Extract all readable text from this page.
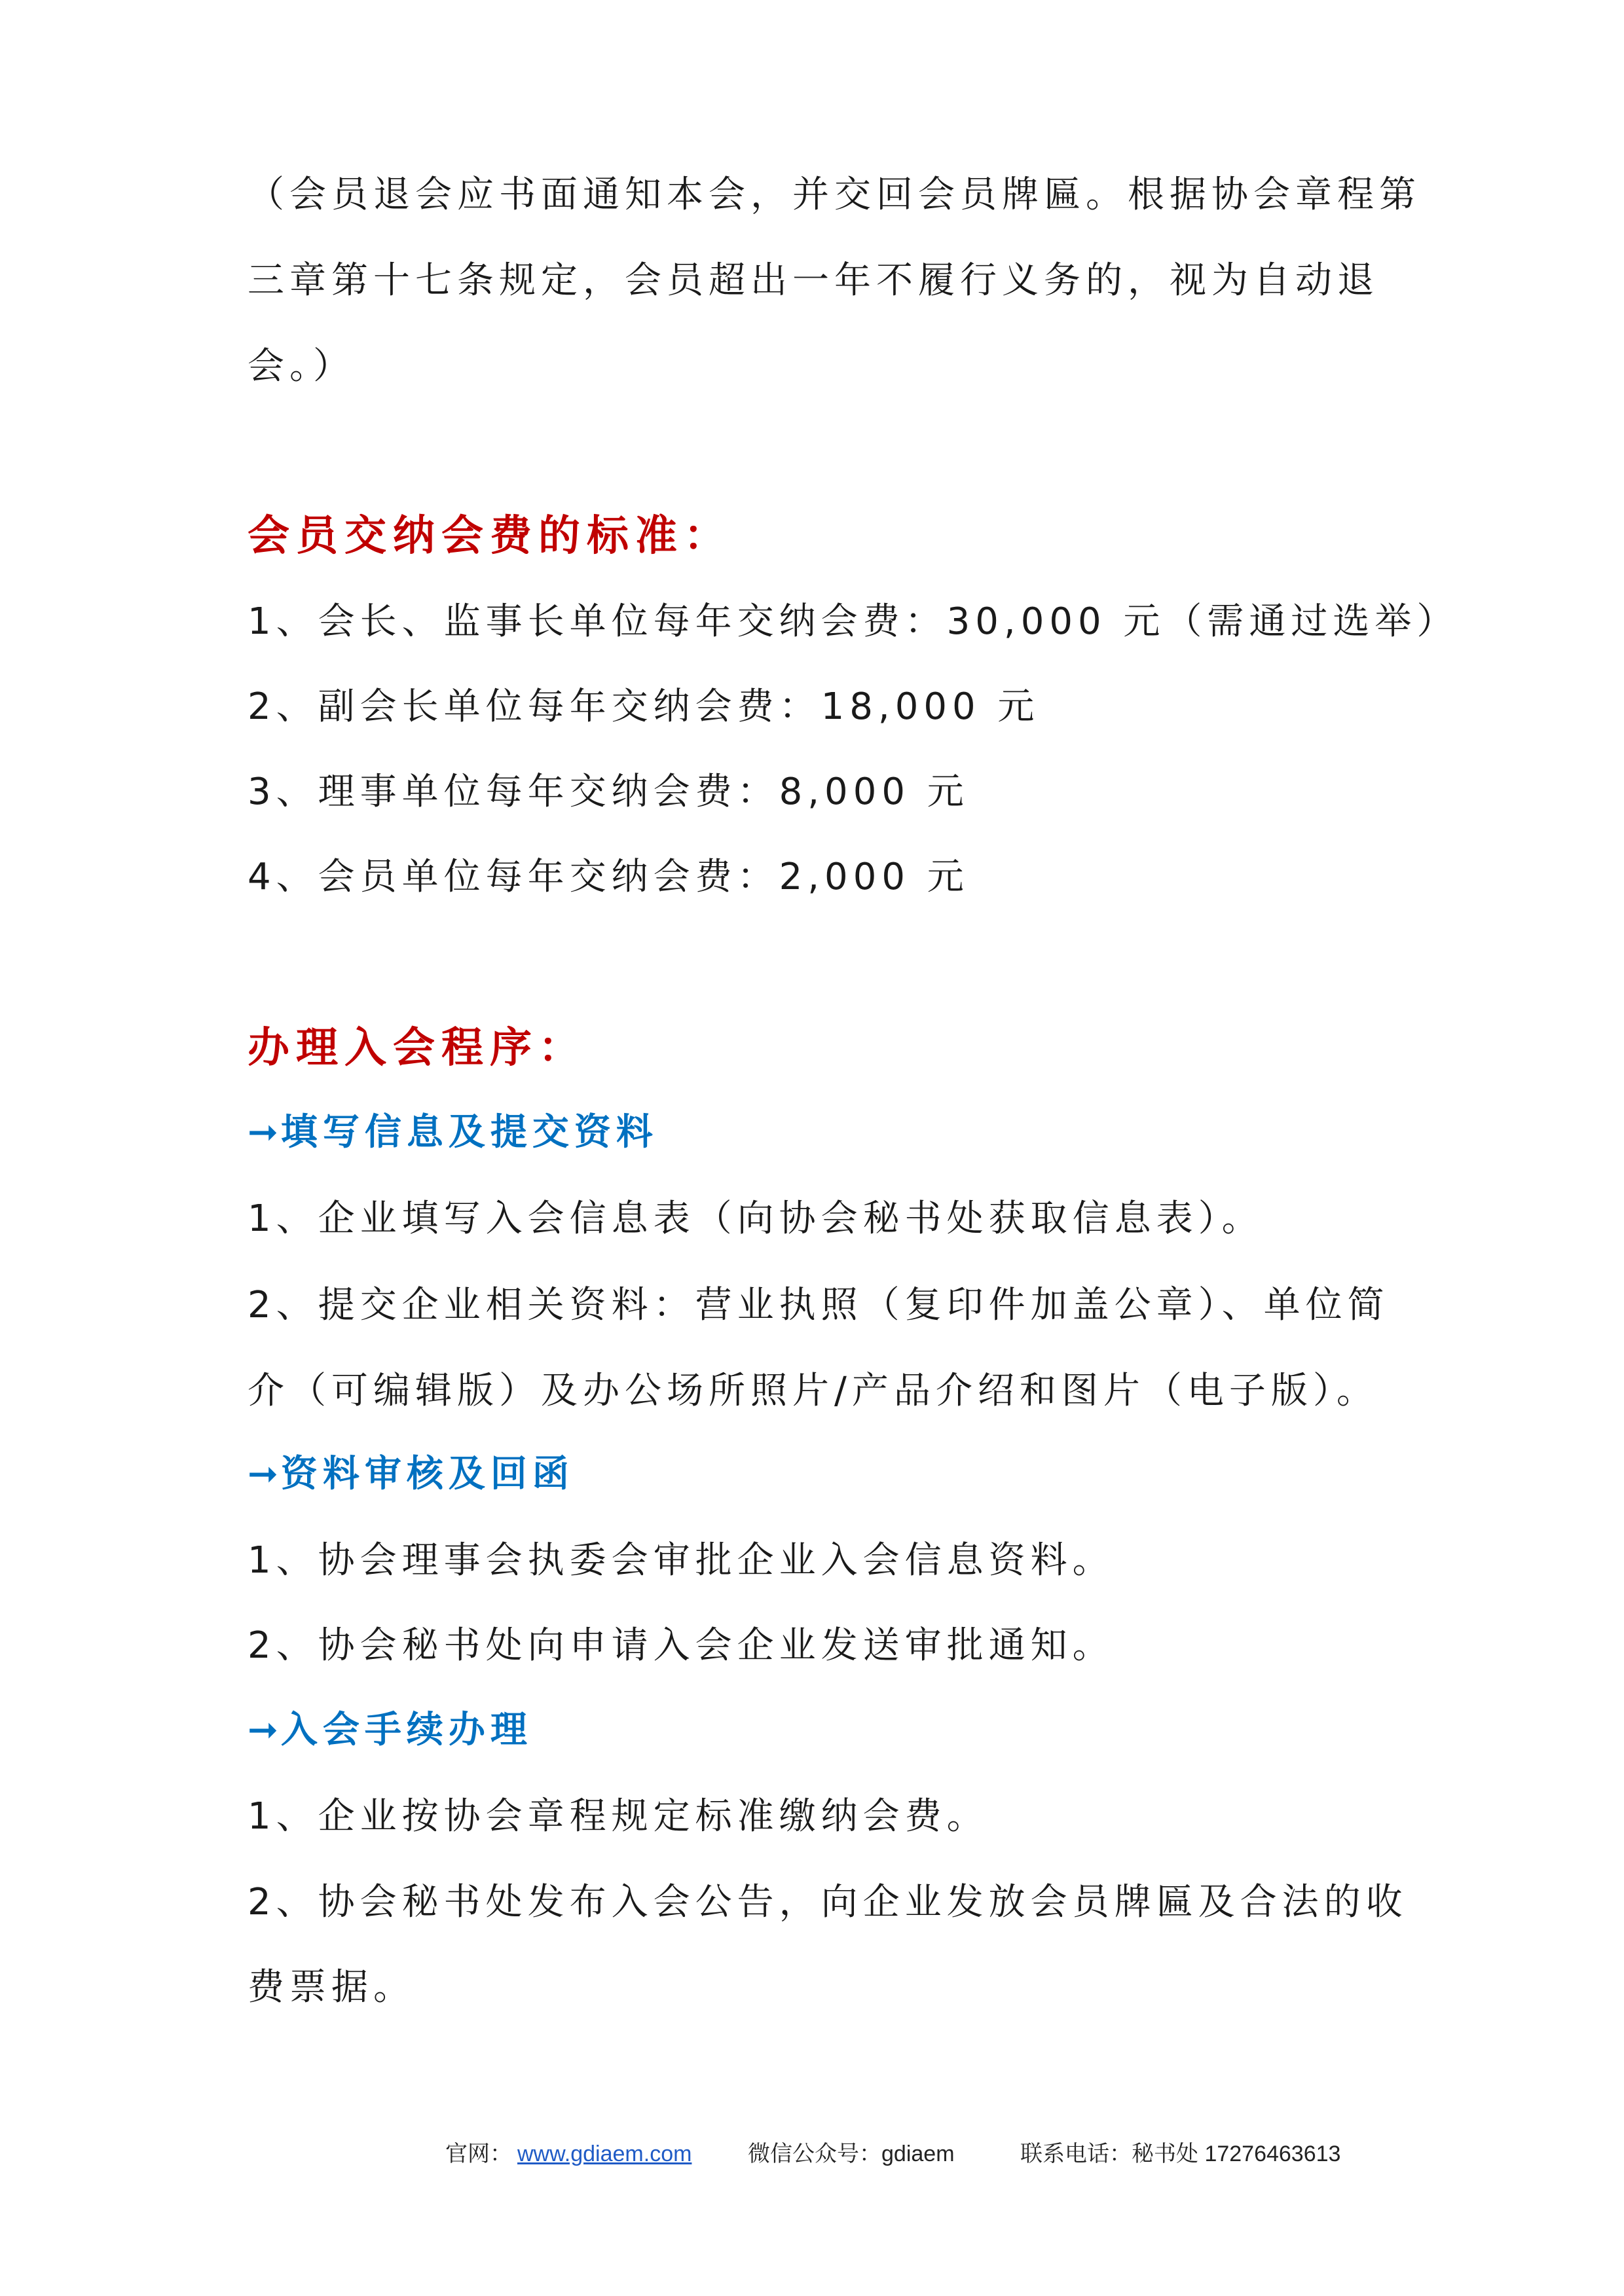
（会员退会应书面通知本会，并交回会员牌匾。根据协会章程第
三章第十七条规定，会员超出一年不履行义务的，视为自动退
会。）
会员交纳会费的标准：
1、会长、监事长单位每年交纳会费：30,000 元（需通过选举）
2、副会长单位每年交纳会费：18,000 元
3、理事单位每年交纳会费：8,000 元
4、会员单位每年交纳会费：2,000 元
办理入会程序：
➞填写信息及提交资料
1、企业填写入会信息表（向协会秘书处获取信息表）。
2、提交企业相关资料：营业执照（复印件加盖公章）、单位简
介（可编辑版）及办公场所照片/产品介绍和图片（电子版）。
➞资料审核及回函
1、协会理事会执委会审批企业入会信息资料。
2、协会秘书处向申请入会企业发送审批通知。
➞入会手续办理
1、企业按协会章程规定标准缴纳会费。
2、协会秘书处发布入会公告，向企业发放会员牌匾及合法的收
费票据。
官网： www.gdiaem.com	微信公众号：gdiaem	联系电话：秘书处 17276463613
